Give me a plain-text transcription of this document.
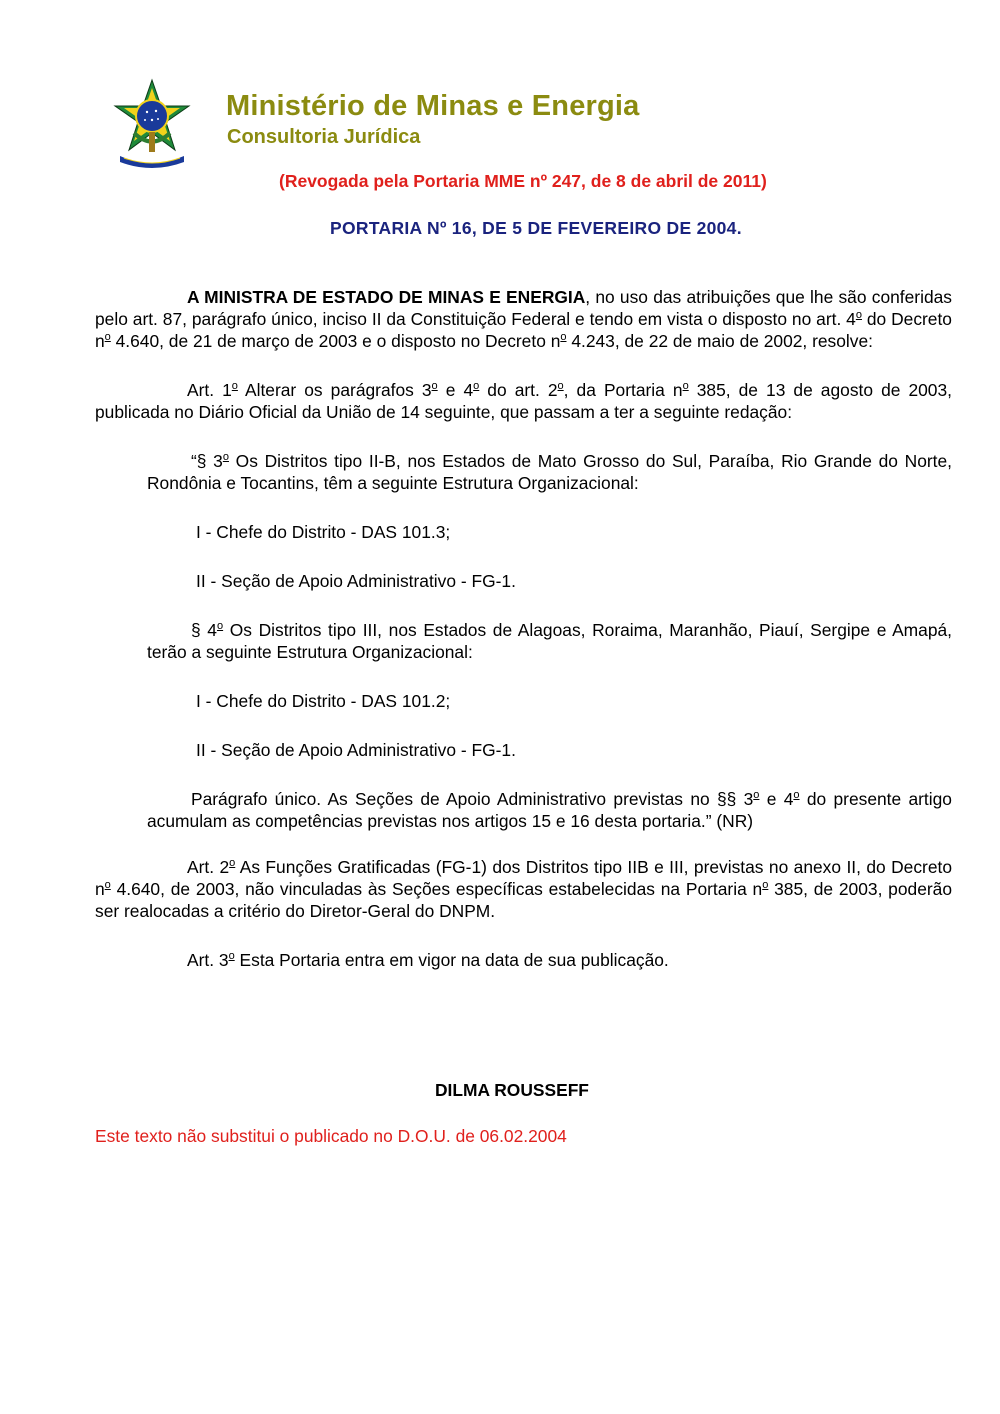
Ministério de Minas e Energia
Consultoria Jurídica
(Revogada pela Portaria MME nº 247, de 8 de abril de 2011)
PORTARIA Nº 16, DE 5 DE FEVEREIRO DE 2004.

A MINISTRA DE ESTADO DE MINAS E ENERGIA, no uso das atribuições que lhe são conferidas pelo art. 87, parágrafo único, inciso II da Constituição Federal e tendo em vista o disposto no art. 4$^o$ do Decreto $n^o$ 4.640, de 21 de março de 2003 e o disposto no Decreto $n^o$ 4.243, de 22 de maio de 2002, resolve:

Art. 1$^o$ Alterar os parágrafos 3$^o$ e 4$^o$ do art. 2$^o$, da Portaria $n^o$ 385, de 13 de agosto de 2003, publicada no Diário Oficial da União de 14 seguinte, que passam a ter a seguinte redação:

“§ 3$^o$ Os Distritos tipo II-B, nos Estados de Mato Grosso do Sul, Paraíba, Rio Grande do Norte, Rondônia e Tocantins, têm a seguinte Estrutura Organizacional:

I - Chefe do Distrito - DAS 101.3;

II - Seção de Apoio Administrativo - FG-1.

§ 4$^o$ Os Distritos tipo III, nos Estados de Alagoas, Roraima, Maranhão, Piauí, Sergipe e Amapá, terão a seguinte Estrutura Organizacional:

I - Chefe do Distrito - DAS 101.2;

II - Seção de Apoio Administrativo - FG-1.

Parágrafo único. As Seções de Apoio Administrativo previstas no §§ 3$^o$ e 4$^o$ do presente artigo acumulam as competências previstas nos artigos 15 e 16 desta portaria.” (NR)

Art. 2$^o$ As Funções Gratificadas (FG-1) dos Distritos tipo IIB e III, previstas no anexo II, do Decreto $n^o$ 4.640, de 2003, não vinculadas às Seções específicas estabelecidas na Portaria $n^o$ 385, de 2003, poderão ser realocadas a critério do Diretor-Geral do DNPM.

Art. 3$^o$ Esta Portaria entra em vigor na data de sua publicação.

DILMA ROUSSEFF
Este texto não substitui o publicado no D.O.U. de 06.02.2004
